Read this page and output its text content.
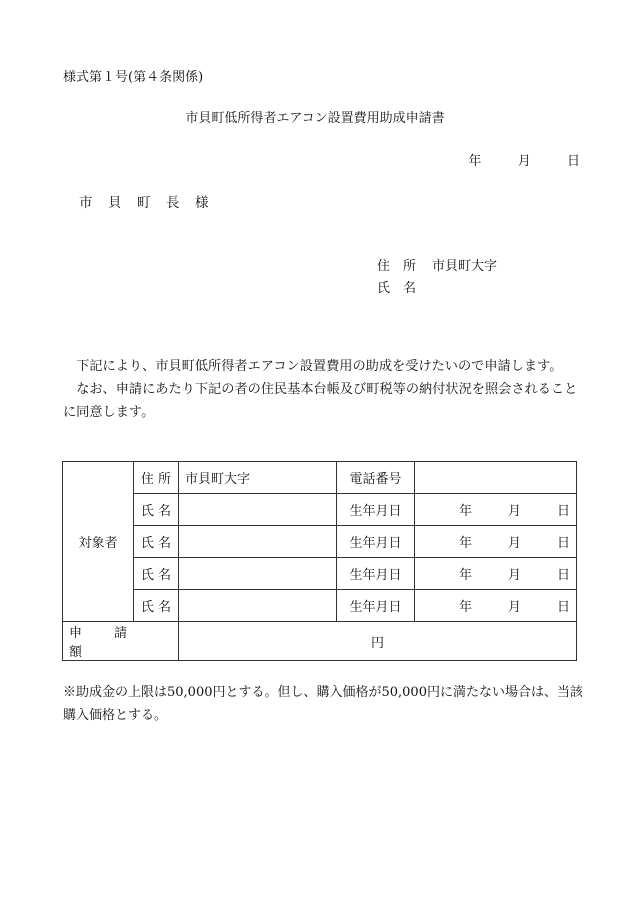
様式第１号(第４条関係)
市貝町低所得者エアコン設置費用助成申請書
年	月	日
市　貝　町　長　様
住　所 市貝町大字
氏　名

下記により、市貝町低所得者エアコン設置費用の助成を受けたいので申請します。

なお、申請にあたり下記の者の住民基本台帳及び町税等の納付状況を照会されることに同意します。

対象者	住 所	市貝町大字	電話番号	
	氏 名		生年月日	年 月 日
	氏 名		生年月日	年 月 日
	氏 名		生年月日	年 月 日
	氏 名		生年月日	年 月 日
申 請額		円		
※助成金の上限は50,000円とする。但し、購入価格が50,000円に満たない場合は、当該購入価格とする。
